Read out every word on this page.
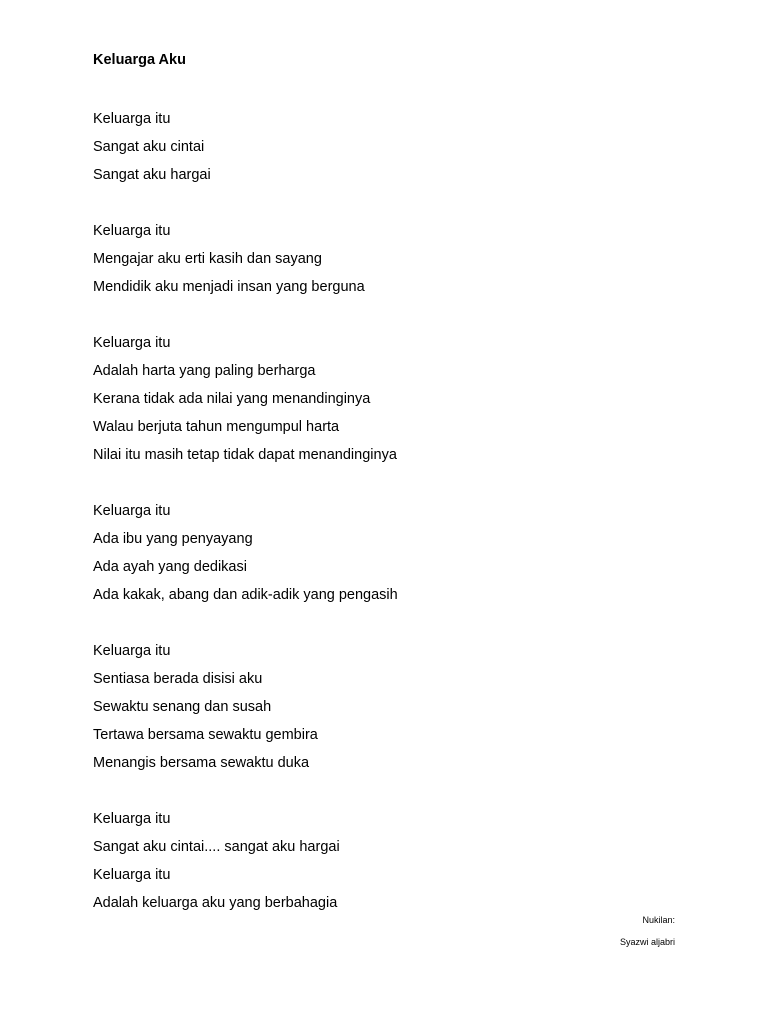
Keluarga Aku
Keluarga itu
Sangat aku cintai
Sangat aku hargai
Keluarga itu
Mengajar aku erti kasih dan sayang
Mendidik aku menjadi insan yang berguna
Keluarga itu
Adalah harta yang paling berharga
Kerana tidak ada nilai yang menandinginya
Walau berjuta tahun mengumpul harta
Nilai itu masih tetap tidak dapat menandinginya
Keluarga itu
Ada ibu yang penyayang
Ada ayah yang dedikasi
Ada kakak, abang dan adik-adik yang pengasih
Keluarga itu
Sentiasa berada disisi aku
Sewaktu senang dan susah
Tertawa bersama sewaktu gembira
Menangis bersama sewaktu duka
Keluarga itu
Sangat aku cintai.... sangat aku hargai
Keluarga itu
Adalah keluarga aku yang berbahagia
Nukilan:
Syazwi aljabri
